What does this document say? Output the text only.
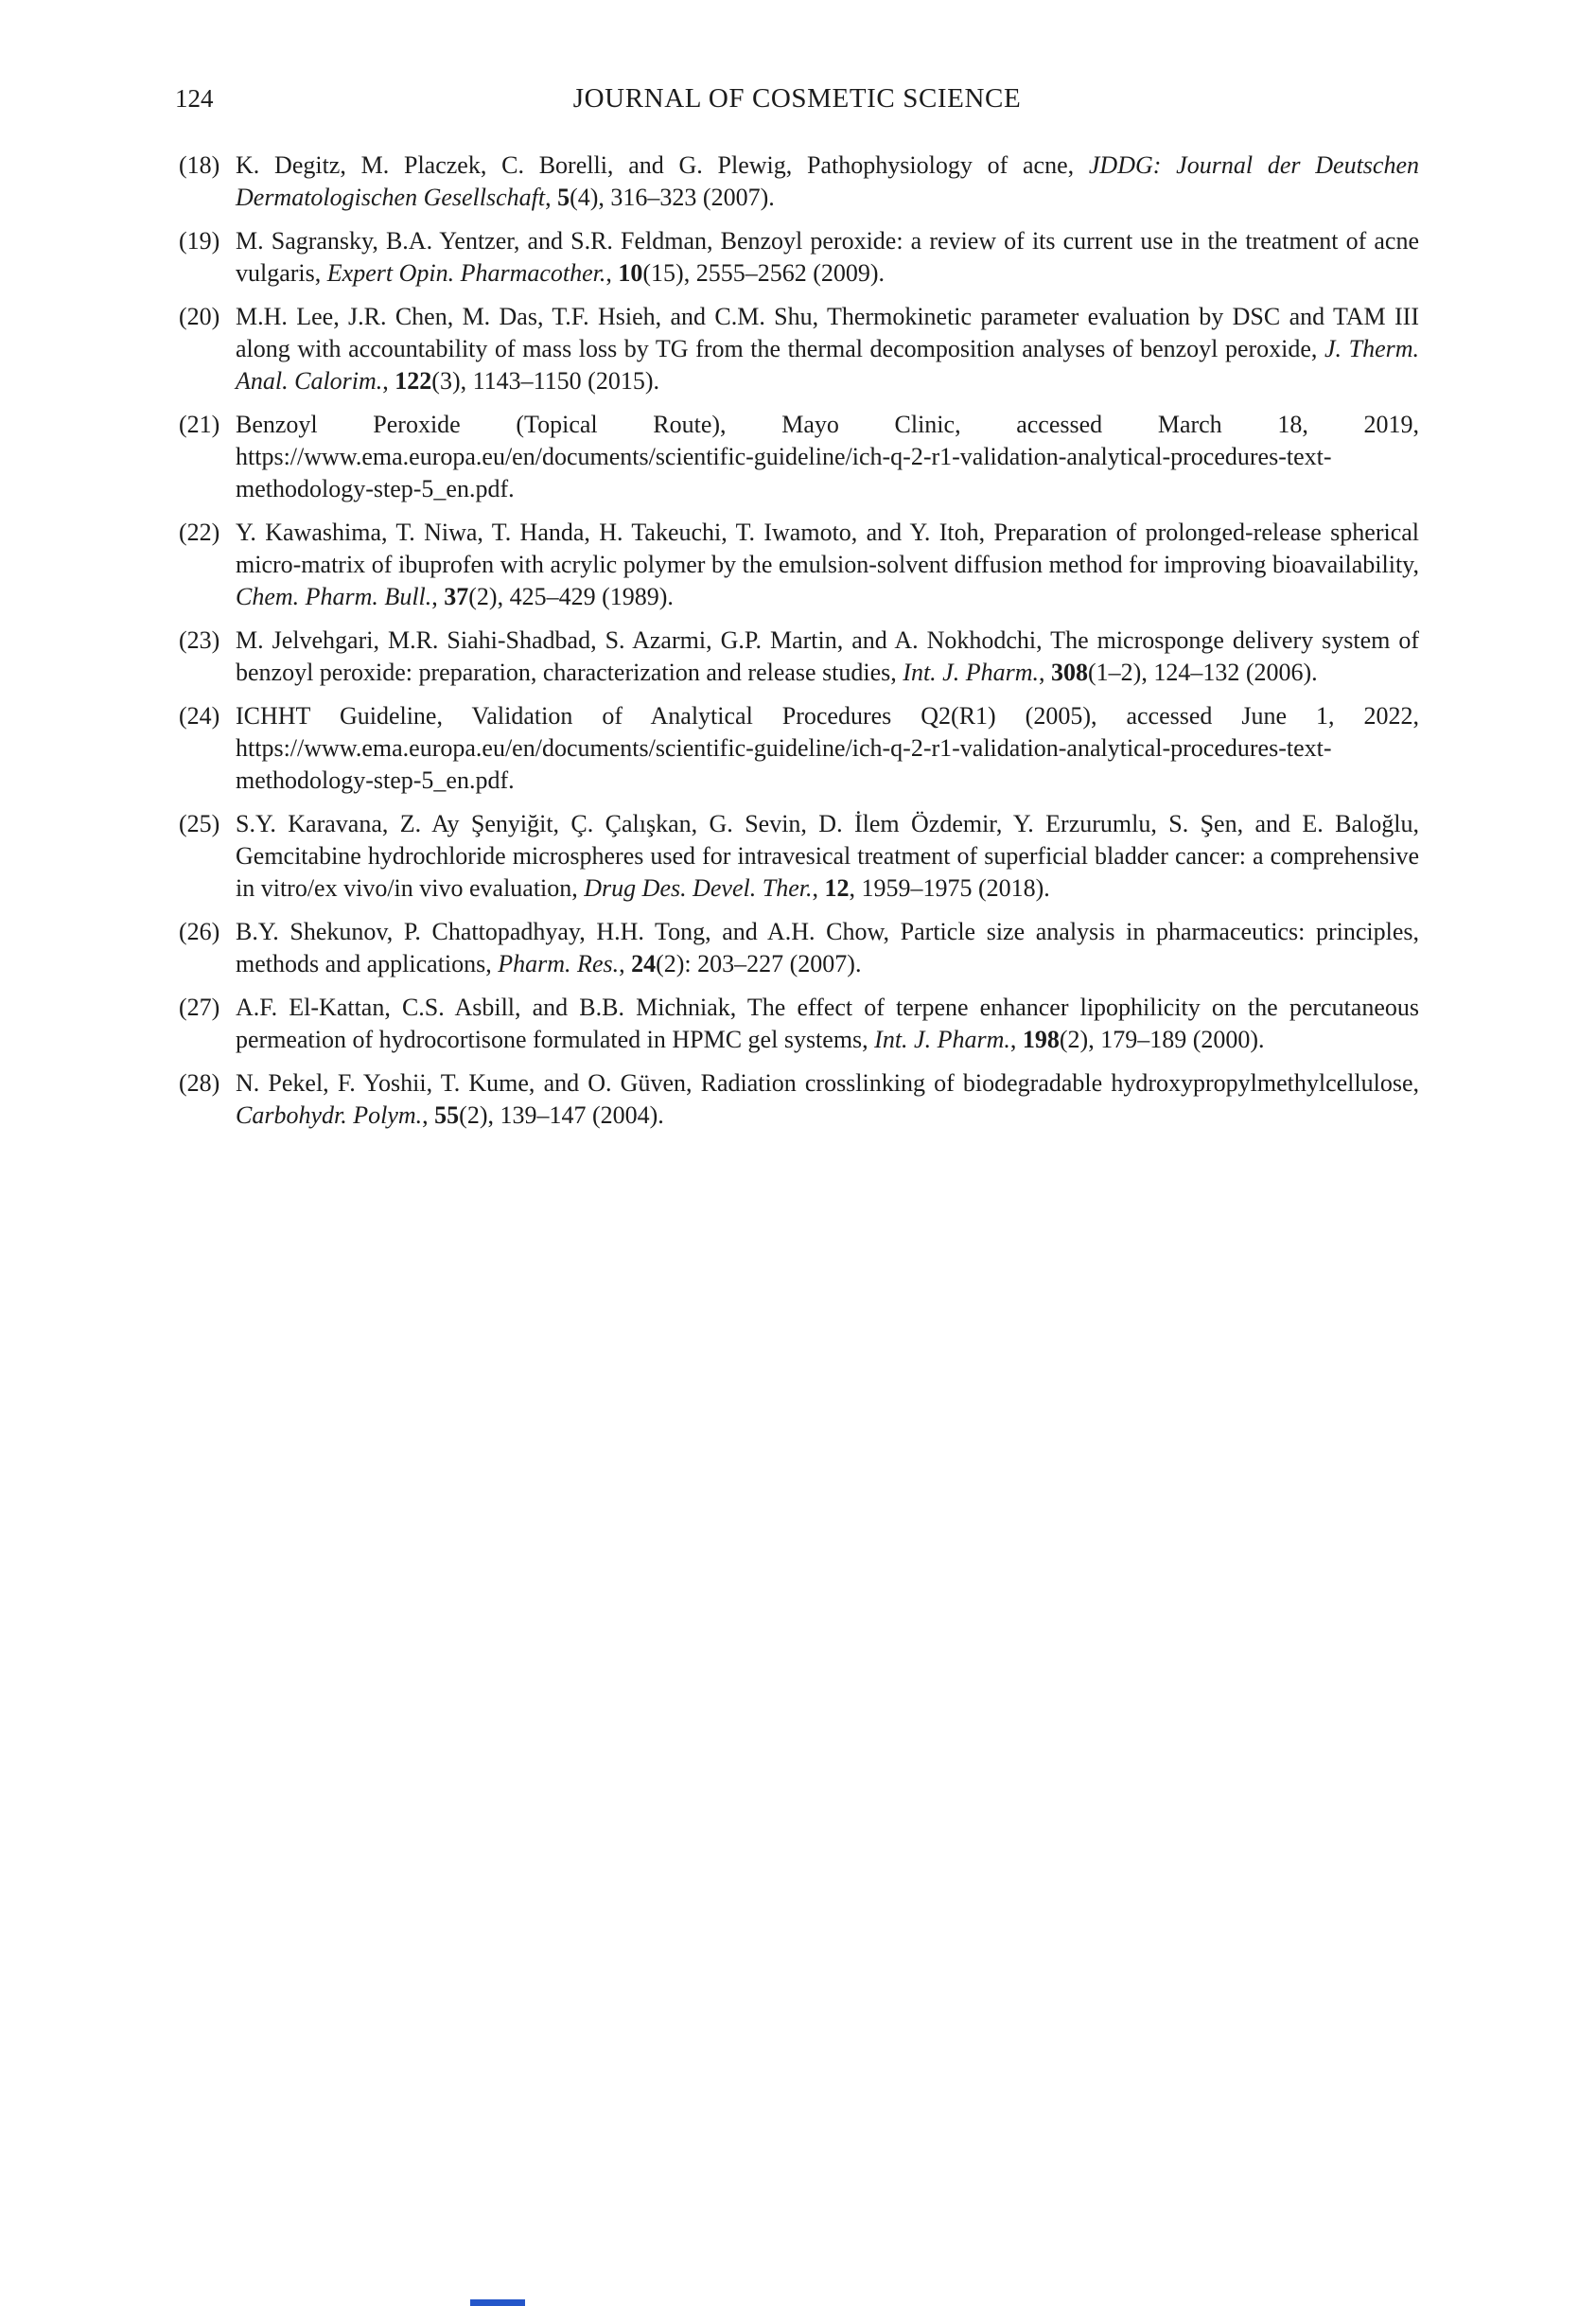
124	JOURNAL OF COSMETIC SCIENCE
(18) K. Degitz, M. Placzek, C. Borelli, and G. Plewig, Pathophysiology of acne, JDDG: Journal der Deutschen Dermatologischen Gesellschaft, 5(4), 316–323 (2007).
(19) M. Sagransky, B.A. Yentzer, and S.R. Feldman, Benzoyl peroxide: a review of its current use in the treatment of acne vulgaris, Expert Opin. Pharmacother., 10(15), 2555–2562 (2009).
(20) M.H. Lee, J.R. Chen, M. Das, T.F. Hsieh, and C.M. Shu, Thermokinetic parameter evaluation by DSC and TAM III along with accountability of mass loss by TG from the thermal decomposition analyses of benzoyl peroxide, J. Therm. Anal. Calorim., 122(3), 1143–1150 (2015).
(21) Benzoyl Peroxide (Topical Route), Mayo Clinic, accessed March 18, 2019, https://www.ema.europa.eu/en/documents/scientific-guideline/ich-q-2-r1-validation-analytical-procedures-text-methodology-step-5_en.pdf.
(22) Y. Kawashima, T. Niwa, T. Handa, H. Takeuchi, T. Iwamoto, and Y. Itoh, Preparation of prolonged-release spherical micro-matrix of ibuprofen with acrylic polymer by the emulsion-solvent diffusion method for improving bioavailability, Chem. Pharm. Bull., 37(2), 425–429 (1989).
(23) M. Jelvehgari, M.R. Siahi-Shadbad, S. Azarmi, G.P. Martin, and A. Nokhodchi, The microsponge delivery system of benzoyl peroxide: preparation, characterization and release studies, Int. J. Pharm., 308(1–2), 124–132 (2006).
(24) ICHHT Guideline, Validation of Analytical Procedures Q2(R1) (2005), accessed June 1, 2022, https://www.ema.europa.eu/en/documents/scientific-guideline/ich-q-2-r1-validation-analytical-procedures-text-methodology-step-5_en.pdf.
(25) S.Y. Karavana, Z. Ay Şenyiğit, Ç. Çalışkan, G. Sevin, D. İlem Özdemir, Y. Erzurumlu, S. Şen, and E. Baloğlu, Gemcitabine hydrochloride microspheres used for intravesical treatment of superficial bladder cancer: a comprehensive in vitro/ex vivo/in vivo evaluation, Drug Des. Devel. Ther., 12, 1959–1975 (2018).
(26) B.Y. Shekunov, P. Chattopadhyay, H.H. Tong, and A.H. Chow, Particle size analysis in pharmaceutics: principles, methods and applications, Pharm. Res., 24(2): 203–227 (2007).
(27) A.F. El-Kattan, C.S. Asbill, and B.B. Michniak, The effect of terpene enhancer lipophilicity on the percutaneous permeation of hydrocortisone formulated in HPMC gel systems, Int. J. Pharm., 198(2), 179–189 (2000).
(28) N. Pekel, F. Yoshii, T. Kume, and O. Güven, Radiation crosslinking of biodegradable hydroxypropylmethylcellulose, Carbohydr. Polym., 55(2), 139–147 (2004).
